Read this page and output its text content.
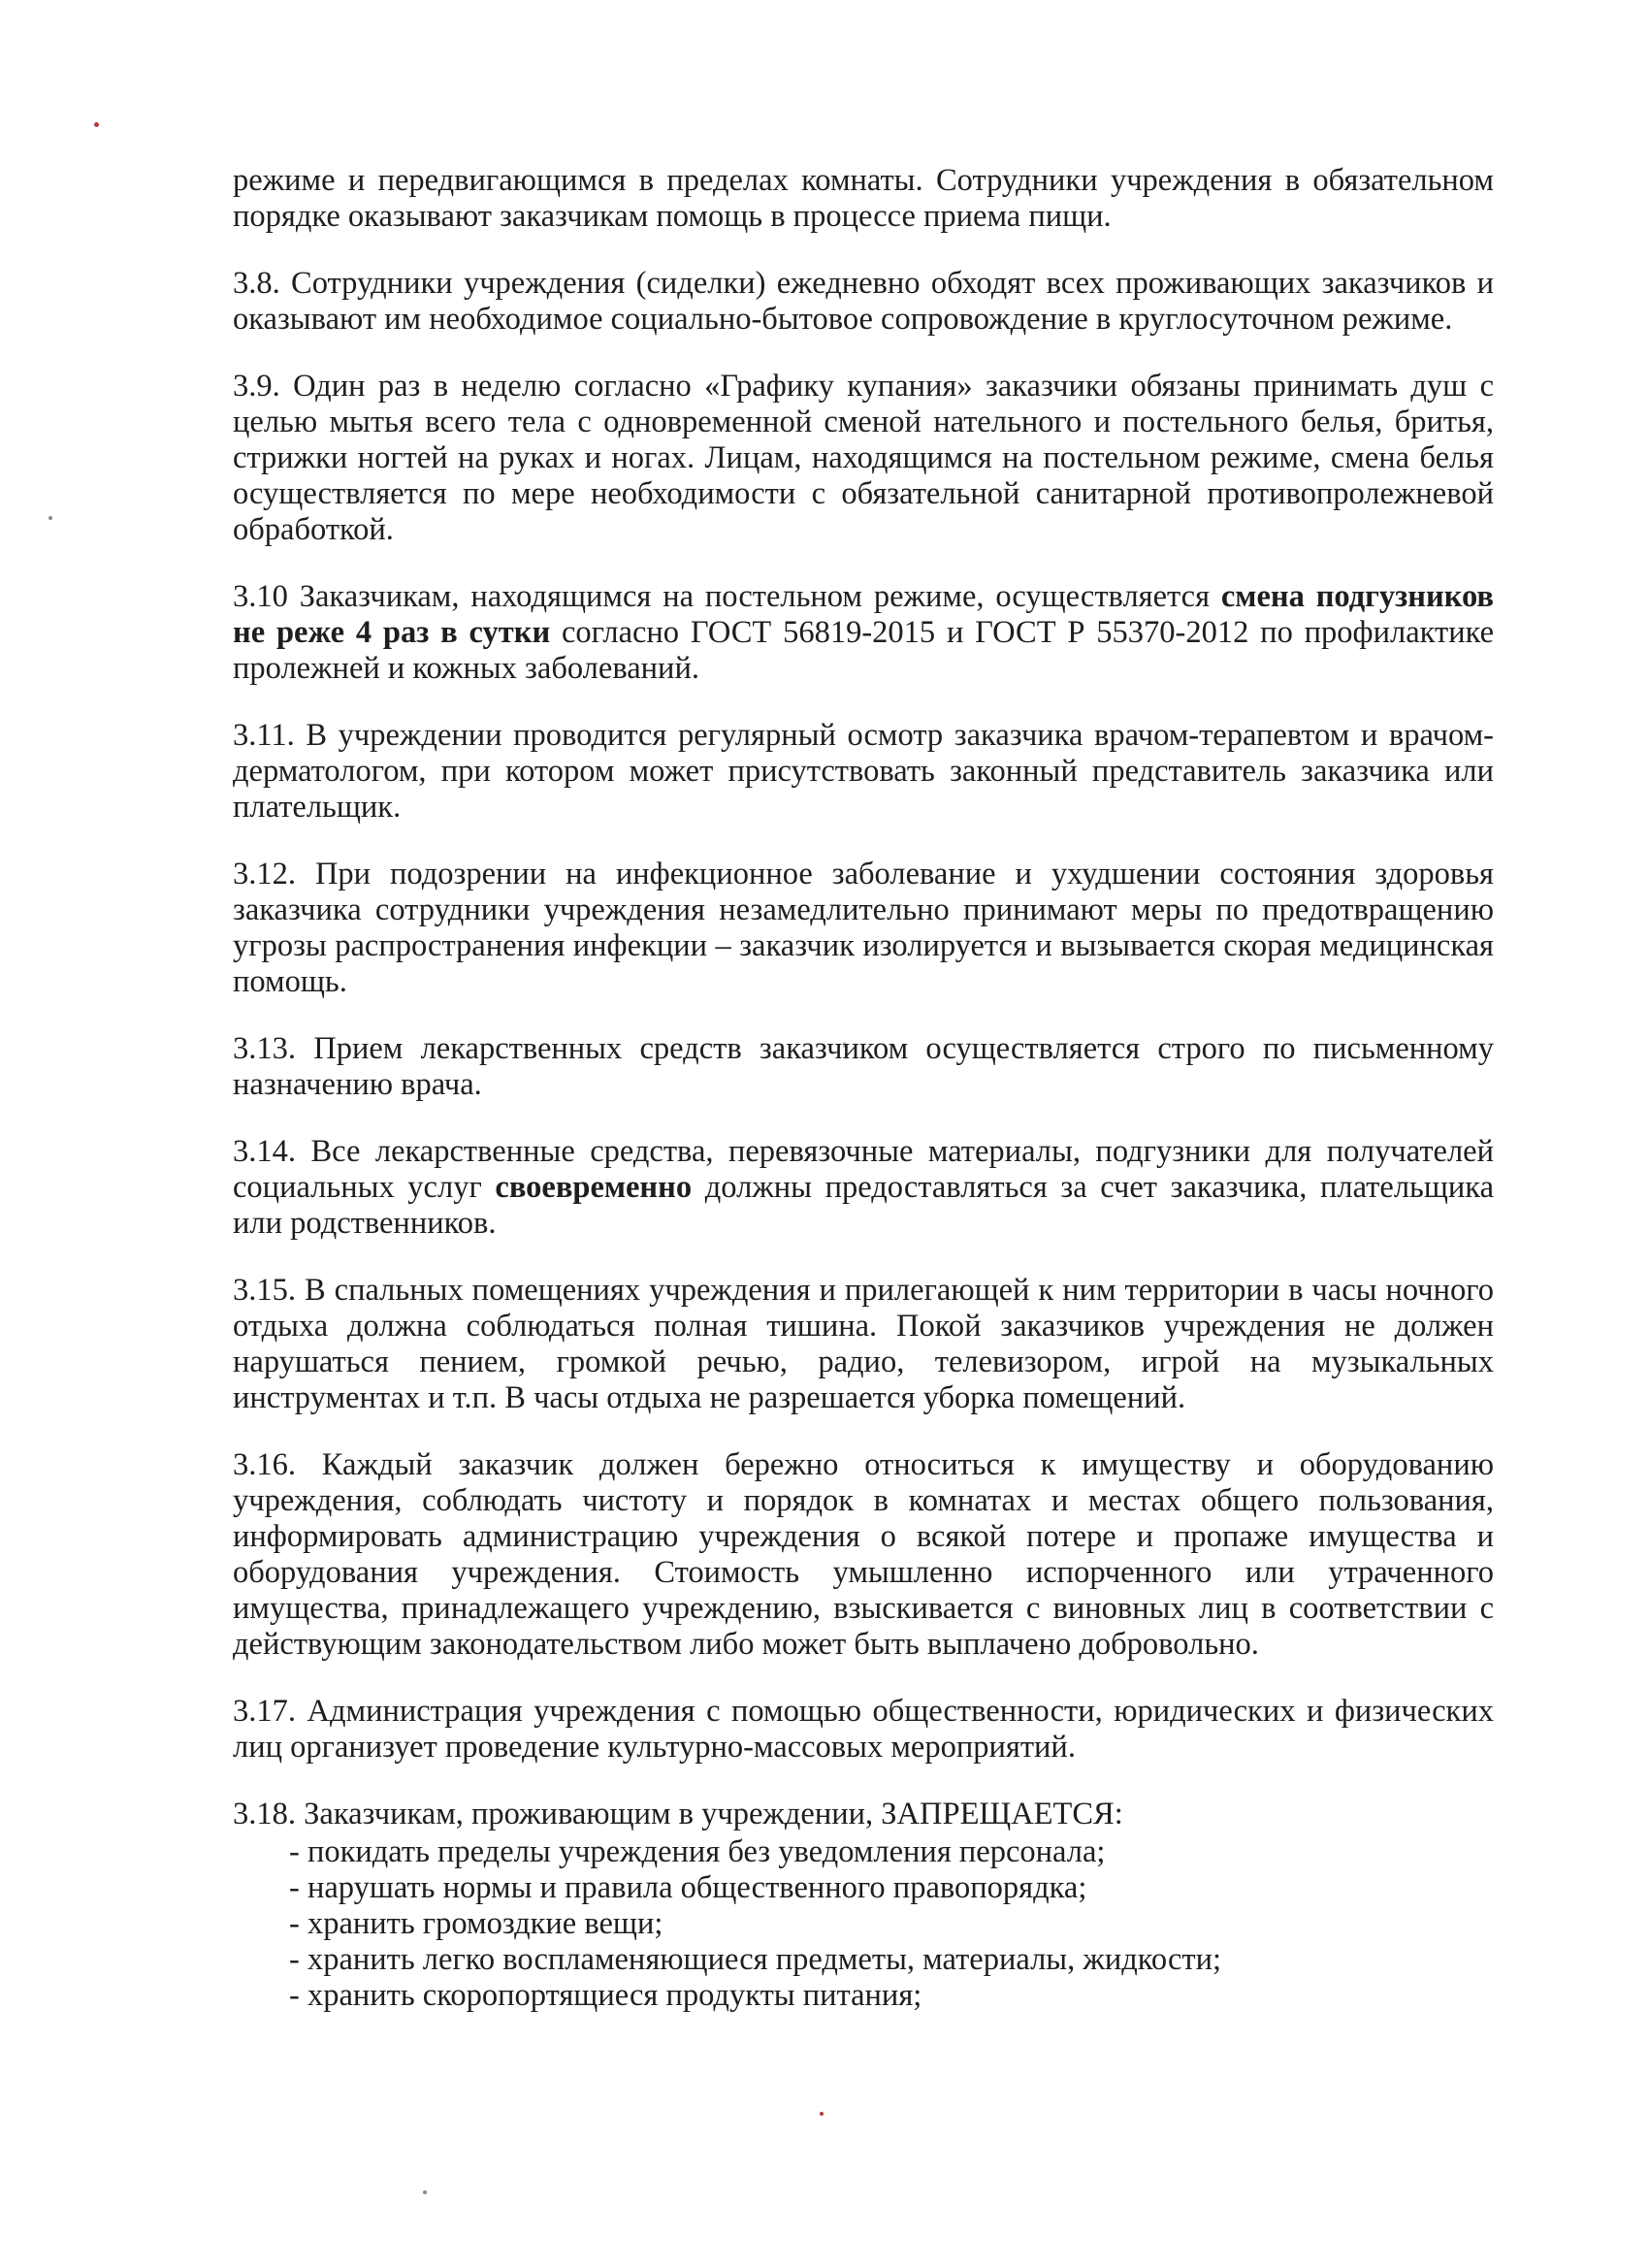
режиме и передвигающимся в пределах комнаты. Сотрудники учреждения в обязательном порядке оказывают заказчикам помощь в процессе приема пищи.

3.8. Сотрудники учреждения (сиделки) ежедневно обходят всех проживающих заказчиков и оказывают им необходимое социально-бытовое сопровождение в круглосуточном режиме.

3.9. Один раз в неделю согласно «Графику купания» заказчики обязаны принимать душ с целью мытья всего тела с одновременной сменой нательного и постельного белья, бритья, стрижки ногтей на руках и ногах. Лицам, находящимся на постельном режиме, смена белья осуществляется по мере необходимости с обязательной санитарной противопролежневой обработкой.

3.10 Заказчикам, находящимся на постельном режиме, осуществляется смена подгузников не реже 4 раз в сутки согласно ГОСТ 56819-2015 и ГОСТ Р 55370-2012 по профилактике пролежней и кожных заболеваний.

3.11. В учреждении проводится регулярный осмотр заказчика врачом-терапевтом и врачом-дерматологом, при котором может присутствовать законный представитель заказчика или плательщик.

3.12. При подозрении на инфекционное заболевание и ухудшении состояния здоровья заказчика сотрудники учреждения незамедлительно принимают меры по предотвращению угрозы распространения инфекции – заказчик изолируется и вызывается скорая медицинская помощь.

3.13. Прием лекарственных средств заказчиком осуществляется строго по письменному назначению врача.

3.14. Все лекарственные средства, перевязочные материалы, подгузники для получателей социальных услуг своевременно должны предоставляться за счет заказчика, плательщика или родственников.

3.15. В спальных помещениях учреждения и прилегающей к ним территории в часы ночного отдыха должна соблюдаться полная тишина. Покой заказчиков учреждения не должен нарушаться пением, громкой речью, радио, телевизором, игрой на музыкальных инструментах и т.п. В часы отдыха не разрешается уборка помещений.

3.16. Каждый заказчик должен бережно относиться к имуществу и оборудованию учреждения, соблюдать чистоту и порядок в комнатах и местах общего пользования, информировать администрацию учреждения о всякой потере и пропаже имущества и оборудования учреждения. Стоимость умышленно испорченного или утраченного имущества, принадлежащего учреждению, взыскивается с виновных лиц в соответствии с действующим законодательством либо может быть выплачено добровольно.

3.17. Администрация учреждения с помощью общественности, юридических и физических лиц организует проведение культурно-массовых мероприятий.

3.18. Заказчикам, проживающим в учреждении, ЗАПРЕЩАЕТСЯ:

- покидать пределы учреждения без уведомления персонала;
- нарушать нормы и правила общественного правопорядка;
- хранить громоздкие вещи;
- хранить легко воспламеняющиеся предметы, материалы, жидкости;
- хранить скоропортящиеся продукты питания;
